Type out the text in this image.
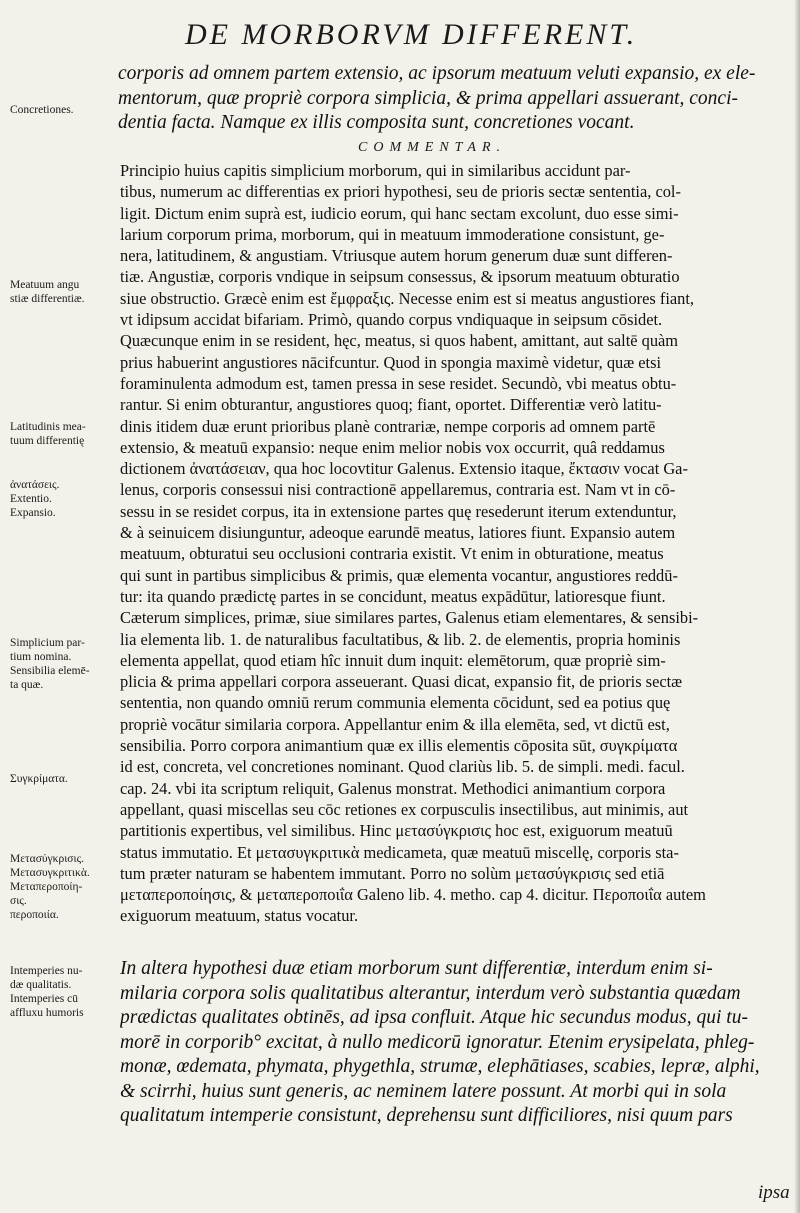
DE MORBORVM DIFFERENT.
corporis ad omnem partem extensio, ac ipsorum meatuum veluti expansio, ex ele-
mentorum, quæ propriè corpora simplicia, & prima appellari assuerant, conci-
dentia facta. Namque ex illis composita sunt, concretiones vocant.
COMMENTAR.
Principio huius capitis simplicium morborum, qui in similaribus accidunt par-
tibus, numerum ac differentias ex priori hypothesi, seu de prioris sectæ sententia, col-
ligit. Dictum enim suprà est, iudicio eorum, qui hanc sectam excolunt, duo esse simi-
larium corporum prima, morborum, qui in meatuum immoderatione consistunt, ge-
nera, latitudinem, & angustiam. Vtriusque autem horum generum duæ sunt differen-
tiæ. Angustiæ, corporis vndique in seipsum consessus, & ipsorum meatuum obturatio
siue obstructio. Græcè enim est ἔμφραξις. Necesse enim est si meatus angustiores fiant,
vt idipsum accidat bifariam. Primò, quando corpus vndiquaque in seipsum cōsidet.
Quæcunque enim in se resident, hęc, meatus, si quos habent, amittant, aut saltē quàm
prius habuerint angustiores nācifcuntur. Quod in spongia maximè videtur, quæ etsi
foraminulenta admodum est, tamen pressa in sese residet. Secundò, vbi meatus obtu-
rantur. Si enim obturantur, angustiores quoq; fiant, oportet. Differentiæ verò latitu-
dinis itidem duæ erunt prioribus planè contrariæ, nempe corporis ad omnem partē
extensio, & meatuū expansio: neque enim melior nobis vox occurrit, quâ reddamus
dictionem ἀνατάσειαν, qua hoc locovtitur Galenus. Extensio itaque, ἔκτασιν vocat Ga-
lenus, corporis consessui nisi contractionē appellaremus, contraria est. Nam vt in cō-
sessu in se residet corpus, ita in extensione partes quę resederunt iterum extenduntur,
& à seinuicem disiunguntur, adeoque earundē meatus, latiores fiunt. Expansio autem
meatuum, obturatui seu occlusioni contraria existit. Vt enim in obturatione, meatus
qui sunt in partibus simplicibus & primis, quæ elementa vocantur, angustiores reddū-
tur: ita quando prædictę partes in se concidunt, meatus expādūtur, latioresque fiunt.
Cæterum simplices, primæ, siue similares partes, Galenus etiam elementares, & sensibi-
lia elementa lib. 1. de naturalibus facultatibus, & lib. 2. de elementis, propria hominis
elementa appellat, quod etiam hîc innuit dum inquit: elemētorum, quæ propriè sim-
plicia & prima appellari corpora asseuerant. Quasi dicat, expansio fit, de prioris sectæ
sententia, non quando omniū rerum communia elementa cōcidunt, sed ea potius quę
propriè vocātur similaria corpora. Appellantur enim & illa elemēta, sed, vt dictū est,
sensibilia. Porro corpora animantium quæ ex illis elementis cōposita sūt, συγκρίματα
id est, concreta, vel concretiones nominant. Quod clariùs lib. 5. de simpli. medi. facul.
cap. 24. vbi ita scriptum reliquit, Galenus monstrat. Methodici animantium corpora
appellant, quasi miscellas seu cōc retiones ex corpusculis insectilibus, aut minimis, aut
partitionis expertibus, vel similibus. Hinc μετασύγκρισις hoc est, exiguorum meatuū
status immutatio. Et μετασυγκριτικὰ medicameta, quæ meatuū miscellę, corporis sta-
tum præter naturam se habentem immutant. Porro no solùm μετασύγκρισις sed etiā
μεταπεροποίησις, & μεταπεροποιΐα Galeno lib. 4. metho. cap 4. dicitur. Περοποιΐα autem
exiguorum meatuum, status vocatur.
In altera hypothesi duæ etiam morborum sunt differentiæ, interdum enim si-
milaria corpora solis qualitatibus alterantur, interdum verò substantia quædam
prædictas qualitates obtinēs, ad ipsa confluit. Atque hic secundus modus, qui tu-
morē in corporib° excitat, à nullo medicorū ignoratur. Etenim erysipelata, phleg-
monæ, œdemata, phymata, phygethla, strumæ, elephātiases, scabies, lepræ, alphi,
& scirrhi, huius sunt generis, ac neminem latere possunt. At morbi qui in sola
qualitatum intemperie consistunt, deprehensu sunt difficiliores, nisi quum pars
Concretiones.
Meatuum angu
stiæ differentiæ.
Latitudinis mea-
tuum differentię
ἀνατάσεις.
Extentio.
Expansio.
Simplicium par-
tium nomina.
Sensibilia elemē-
ta quæ.
Συγκρίματα.
Μετασύγκρισις.
Μετασυγκριτικὰ.
Μεταπεροποίη-
σις.
περοποιία.
Intemperies nu-
dæ qualitatis.
Intemperies cū
affluxu humoris
ipsa
